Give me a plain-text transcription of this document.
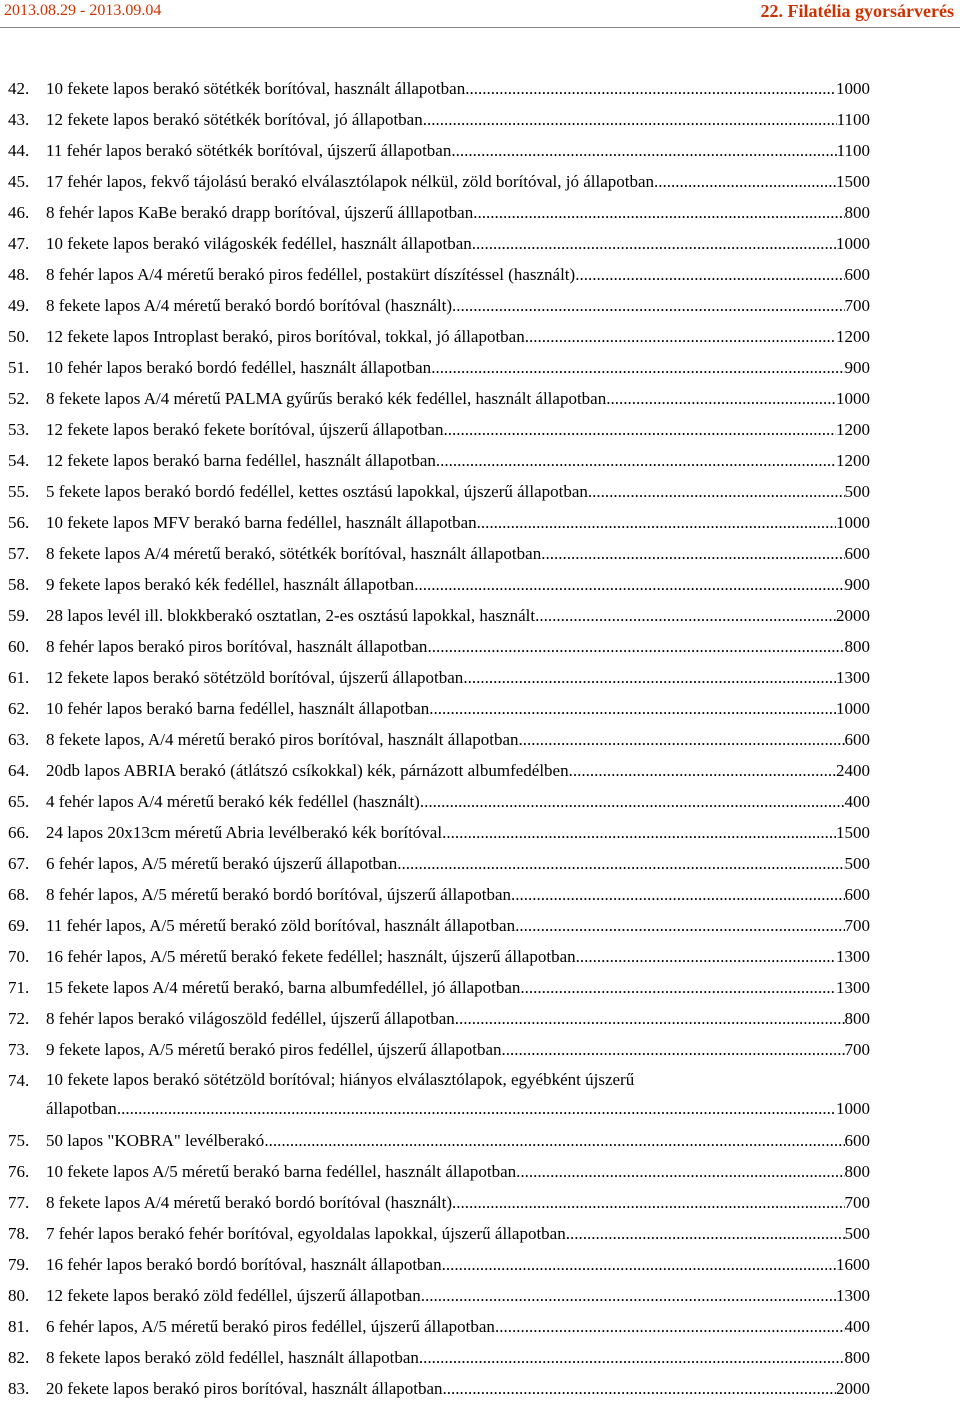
2013.08.29 - 2013.09.04	22. Filatélia gyorsárverés
42. 10 fekete lapos berakó sötétkék borítóval, használt állapotban .....	1000
43. 12 fekete lapos berakó sötétkék borítóval, jó állapotban .....	1100
44. 11 fehér lapos berakó sötétkék borítóval, újszerű állapotban .....	1100
45. 17 fehér lapos, fekvő tájolású berakó elválasztólapok nélkül, zöld borítóval, jó állapotban .....	1500
46. 8 fehér lapos KaBe berakó drapp borítóval, újszerű álllapotban .....	800
47. 10 fekete lapos berakó világoskék fedéllel, használt állapotban .....	1000
48. 8 fehér lapos A/4 méretű berakó piros fedéllel, postakürt díszítéssel (használt) .....	600
49. 8 fekete lapos A/4 méretű berakó bordó borítóval (használt) .....	700
50. 12 fekete lapos Introplast berakó, piros borítóval, tokkal, jó állapotban .....	1200
51. 10 fehér lapos berakó bordó fedéllel, használt állapotban .....	900
52. 8 fekete lapos A/4 méretű PALMA gyűrűs berakó kék fedéllel, használt állapotban .....	1000
53. 12 fekete lapos berakó fekete borítóval, újszerű állapotban .....	1200
54. 12 fekete lapos berakó barna fedéllel, használt állapotban .....	1200
55. 5 fekete lapos berakó bordó fedéllel, kettes osztású lapokkal, újszerű állapotban .....	500
56. 10 fekete lapos MFV berakó barna fedéllel, használt állapotban .....	1000
57. 8 fekete lapos A/4 méretű berakó, sötétkék borítóval, használt állapotban .....	600
58. 9 fekete lapos berakó kék fedéllel, használt állapotban .....	900
59. 28 lapos levél ill. blokkberakó osztatlan, 2-es osztású lapokkal, használt .....	2000
60. 8 fehér lapos berakó piros borítóval, használt állapotban .....	800
61. 12 fekete lapos berakó sötétzöld borítóval, újszerű állapotban .....	1300
62. 10 fehér lapos berakó barna fedéllel, használt állapotban .....	1000
63. 8 fekete lapos, A/4 méretű berakó piros borítóval, használt állapotban .....	600
64. 20db lapos ABRIA berakó (átlátszó csíkokkal) kék, párnázott albumfedélben .....	2400
65. 4 fehér lapos A/4 méretű berakó kék fedéllel (használt) .....	400
66. 24 lapos 20x13cm méretű Abria levélberakó kék borítóval .....	1500
67. 6 fehér lapos, A/5 méretű berakó újszerű állapotban .....	500
68. 8 fehér lapos, A/5 méretű berakó bordó borítóval, újszerű állapotban .....	600
69. 11 fehér lapos, A/5 méretű berakó zöld borítóval, használt állapotban .....	700
70. 16 fehér lapos, A/5 méretű berakó fekete fedéllel; használt, újszerű állapotban .....	1300
71. 15 fekete lapos A/4 méretű berakó, barna albumfedéllel, jó állapotban .....	1300
72. 8 fehér lapos berakó világoszöld fedéllel, újszerű állapotban .....	800
73. 9 fekete lapos, A/5 méretű berakó piros fedéllel, újszerű állapotban .....	700
74. 10 fekete lapos berakó sötétzöld borítóval; hiányos elválasztólapok, egyébként újszerű
állapotban .....	1000
75. 50 lapos "KOBRA" levélberakó .....	600
76. 10 fekete lapos A/5 méretű berakó barna fedéllel, használt állapotban .....	800
77. 8 fekete lapos A/4 méretű berakó bordó borítóval (használt) .....	700
78. 7 fehér lapos berakó fehér borítóval, egyoldalas lapokkal, újszerű állapotban .....	500
79. 16 fehér lapos berakó bordó borítóval, használt állapotban .....	1600
80. 12 fekete lapos berakó zöld fedéllel, újszerű állapotban .....	1300
81. 6 fehér lapos, A/5 méretű berakó piros fedéllel, újszerű állapotban .....	400
82. 8 fekete lapos berakó zöld fedéllel, használt állapotban .....	800
83. 20 fekete lapos berakó piros borítóval, használt állapotban .....	2000
